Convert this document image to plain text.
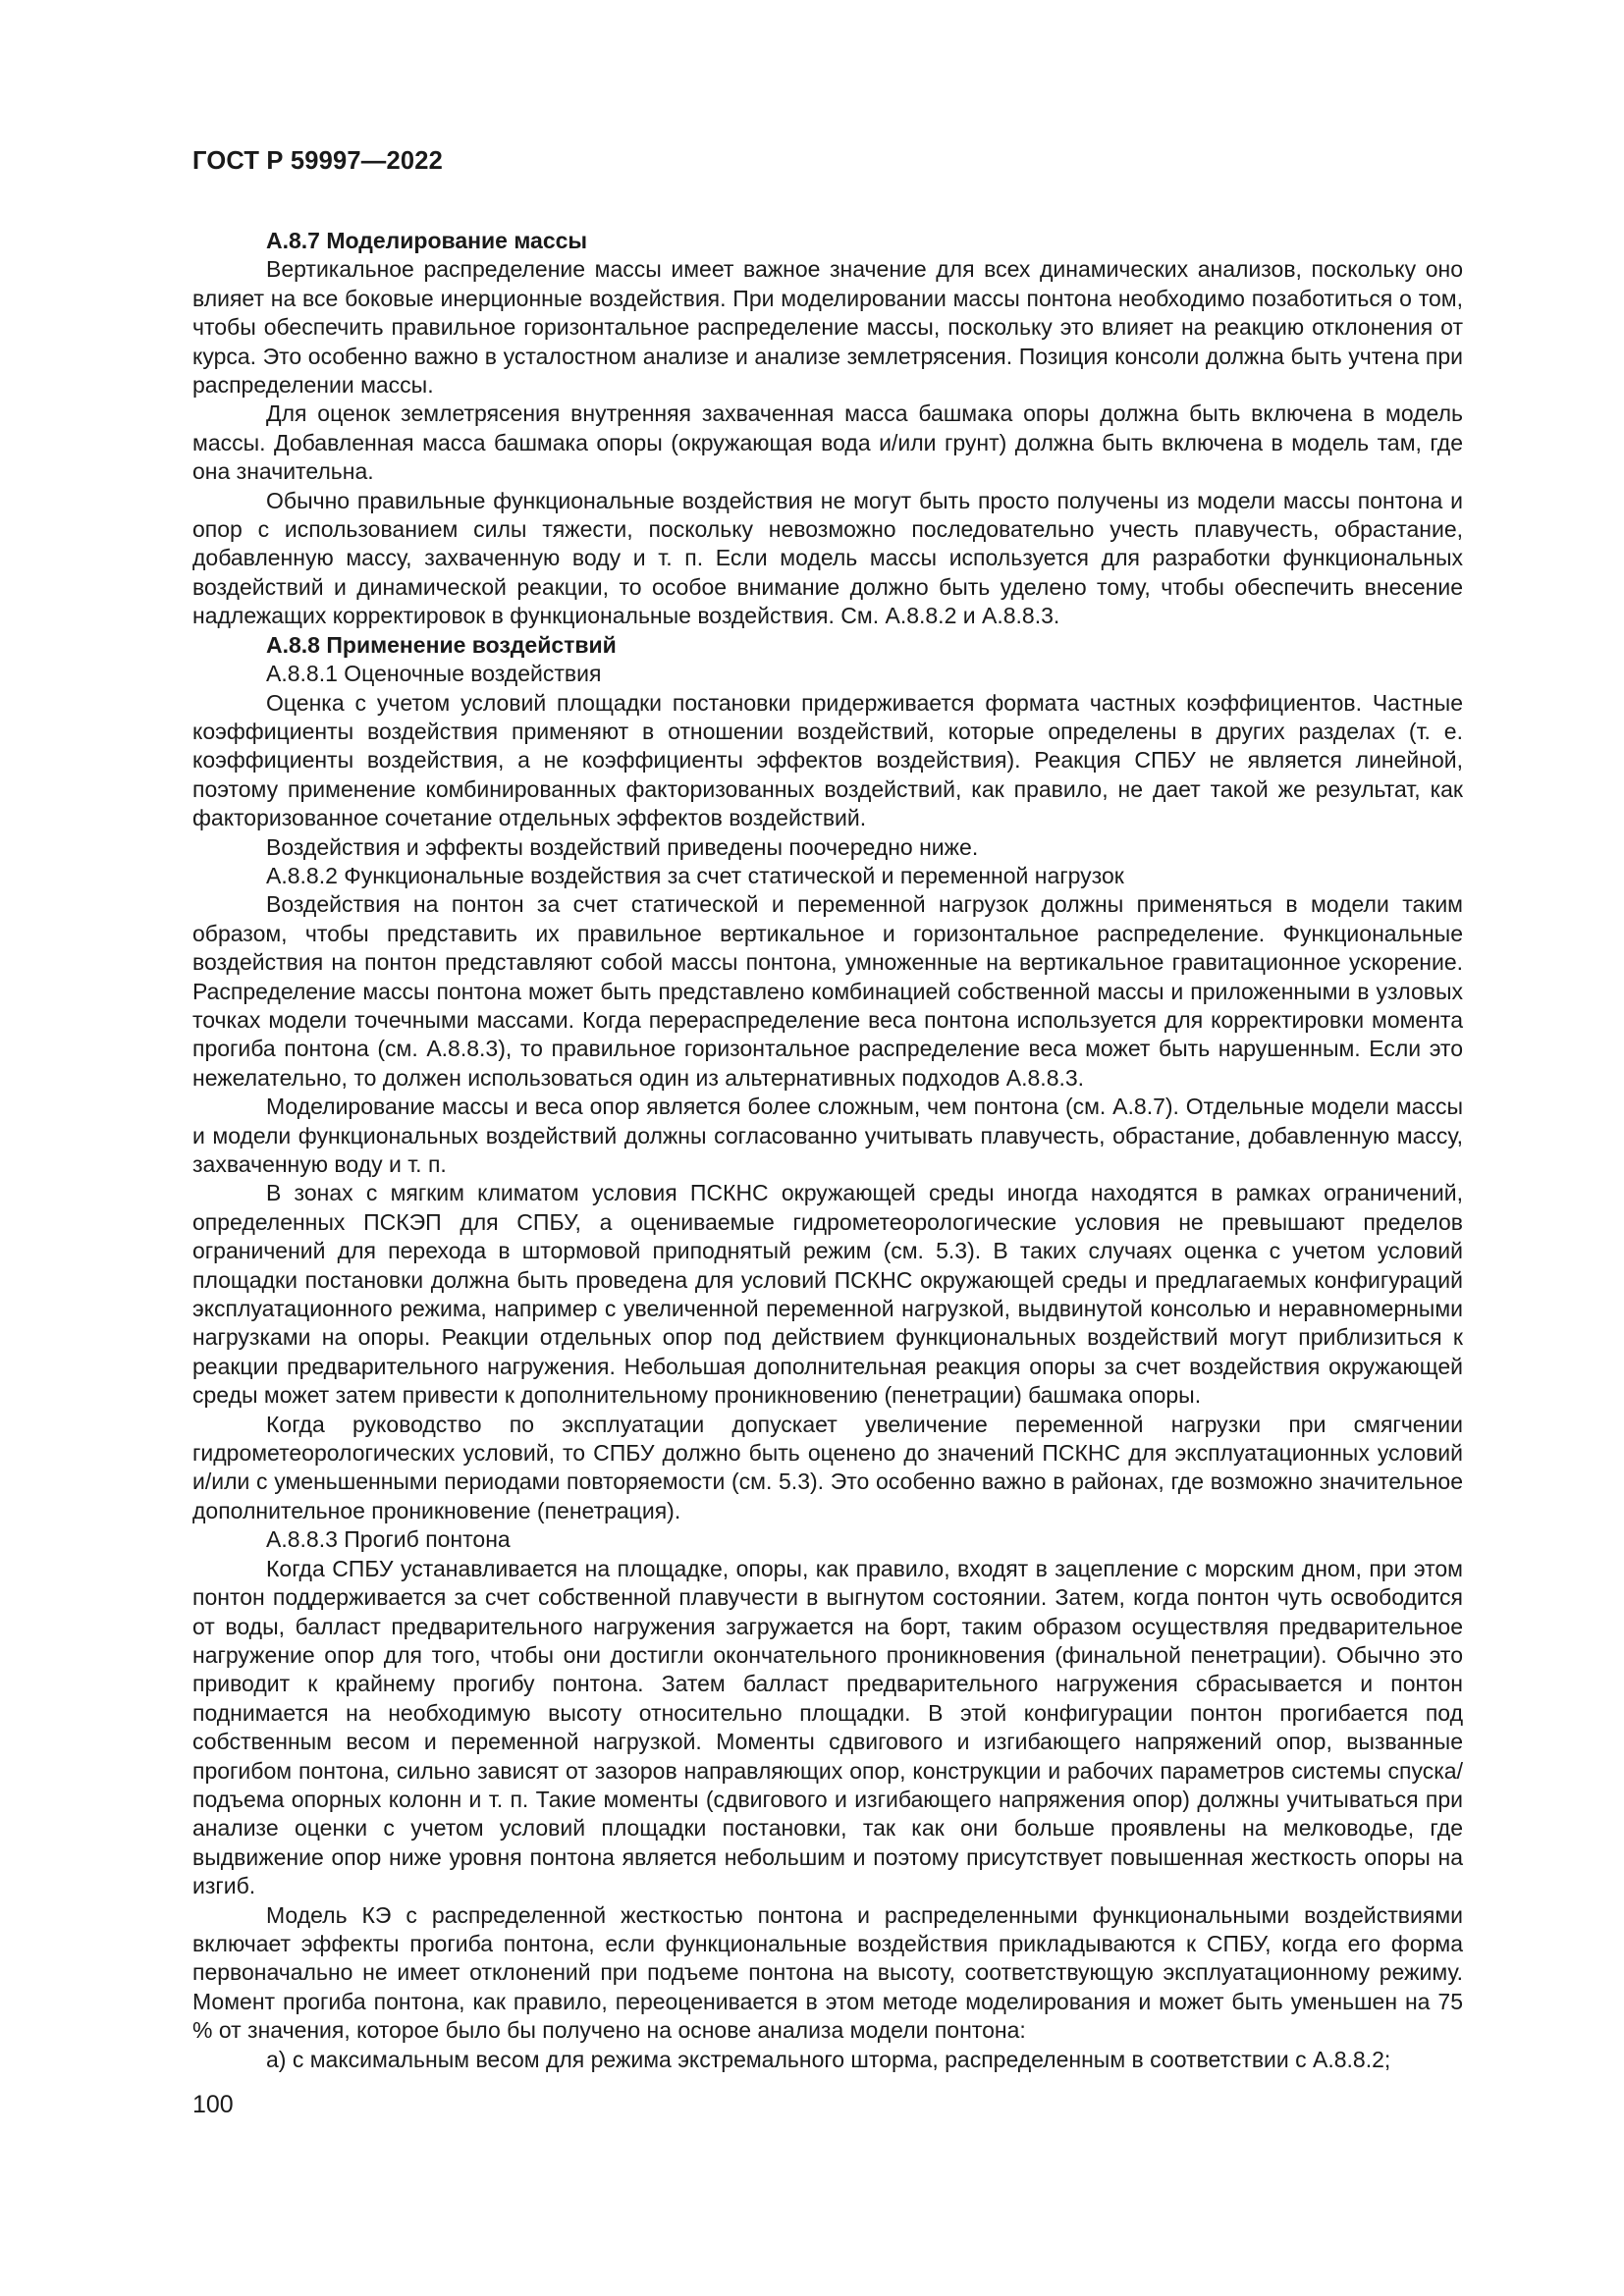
ГОСТ Р 59997—2022

А.8.7 Моделирование массы

Вертикальное распределение массы имеет важное значение для всех динамических анализов, поскольку оно влияет на все боковые инерционные воздействия. При моделировании массы понтона необходимо позаботиться о том, чтобы обеспечить правильное горизонтальное распределение массы, поскольку это влияет на реакцию отклонения от курса. Это особенно важно в усталостном анализе и анализе землетрясения. Позиция консоли должна быть учтена при распределении массы.

Для оценок землетрясения внутренняя захваченная масса башмака опоры должна быть включена в модель массы. Добавленная масса башмака опоры (окружающая вода и/или грунт) должна быть включена в модель там, где она значительна.

Обычно правильные функциональные воздействия не могут быть просто получены из модели массы понтона и опор с использованием силы тяжести, поскольку невозможно последовательно учесть плавучесть, обрастание, добавленную массу, захваченную воду и т. п. Если модель массы используется для разработки функциональных воздействий и динамической реакции, то особое внимание должно быть уделено тому, чтобы обеспечить внесение надлежащих корректировок в функциональные воздействия. См. А.8.8.2 и А.8.8.3.

А.8.8 Применение воздействий

А.8.8.1 Оценочные воздействия

Оценка с учетом условий площадки постановки придерживается формата частных коэффициентов. Частные коэффициенты воздействия применяют в отношении воздействий, которые определены в других разделах (т. е. коэффициенты воздействия, а не коэффициенты эффектов воздействия). Реакция СПБУ не является линейной, поэтому применение комбинированных факторизованных воздействий, как правило, не дает такой же результат, как факторизованное сочетание отдельных эффектов воздействий.

Воздействия и эффекты воздействий приведены поочередно ниже.

А.8.8.2 Функциональные воздействия за счет статической и переменной нагрузок

Воздействия на понтон за счет статической и переменной нагрузок должны применяться в модели таким образом, чтобы представить их правильное вертикальное и горизонтальное распределение. Функциональные воздействия на понтон представляют собой массы понтона, умноженные на вертикальное гравитационное ускорение. Распределение массы понтона может быть представлено комбинацией собственной массы и приложенными в узловых точках модели точечными массами. Когда перераспределение веса понтона используется для корректировки момента прогиба понтона (см. А.8.8.3), то правильное горизонтальное распределение веса может быть нарушенным. Если это нежелательно, то должен использоваться один из альтернативных подходов А.8.8.3.

Моделирование массы и веса опор является более сложным, чем понтона (см. А.8.7). Отдельные модели массы и модели функциональных воздействий должны согласованно учитывать плавучесть, обрастание, добавленную массу, захваченную воду и т. п.

В зонах с мягким климатом условия ПСКНС окружающей среды иногда находятся в рамках ограничений, определенных ПСКЭП для СПБУ, а оцениваемые гидрометеорологические условия не превышают пределов ограничений для перехода в штормовой приподнятый режим (см. 5.3). В таких случаях оценка с учетом условий площадки постановки должна быть проведена для условий ПСКНС окружающей среды и предлагаемых конфигураций эксплуатационного режима, например с увеличенной переменной нагрузкой, выдвинутой консолью и неравномерными нагрузками на опоры. Реакции отдельных опор под действием функциональных воздействий могут приблизиться к реакции предварительного нагружения. Небольшая дополнительная реакция опоры за счет воздействия окружающей среды может затем привести к дополнительному проникновению (пенетрации) башмака опоры.

Когда руководство по эксплуатации допускает увеличение переменной нагрузки при смягчении гидрометеорологических условий, то СПБУ должно быть оценено до значений ПСКНС для эксплуатационных условий и/или с уменьшенными периодами повторяемости (см. 5.3). Это особенно важно в районах, где возможно значительное дополнительное проникновение (пенетрация).

А.8.8.3 Прогиб понтона

Когда СПБУ устанавливается на площадке, опоры, как правило, входят в зацепление с морским дном, при этом понтон поддерживается за счет собственной плавучести в выгнутом состоянии. Затем, когда понтон чуть освободится от воды, балласт предварительного нагружения загружается на борт, таким образом осуществляя предварительное нагружение опор для того, чтобы они достигли окончательного проникновения (финальной пенетрации). Обычно это приводит к крайнему прогибу понтона. Затем балласт предварительного нагружения сбрасывается и понтон поднимается на необходимую высоту относительно площадки. В этой конфигурации понтон прогибается под собственным весом и переменной нагрузкой. Моменты сдвигового и изгибающего напряжений опор, вызванные прогибом понтона, сильно зависят от зазоров направляющих опор, конструкции и рабочих параметров системы спуска/подъема опорных колонн и т. п. Такие моменты (сдвигового и изгибающего напряжения опор) должны учитываться при анализе оценки с учетом условий площадки постановки, так как они больше проявлены на мелководье, где выдвижение опор ниже уровня понтона является небольшим и поэтому присутствует повышенная жесткость опоры на изгиб.

Модель КЭ с распределенной жесткостью понтона и распределенными функциональными воздействиями включает эффекты прогиба понтона, если функциональные воздействия прикладываются к СПБУ, когда его форма первоначально не имеет отклонений при подъеме понтона на высоту, соответствующую эксплуатационному режиму. Момент прогиба понтона, как правило, переоценивается в этом методе моделирования и может быть уменьшен на 75 % от значения, которое было бы получено на основе анализа модели понтона:

а) с максимальным весом для режима экстремального шторма, распределенным в соответствии с А.8.8.2;

100
